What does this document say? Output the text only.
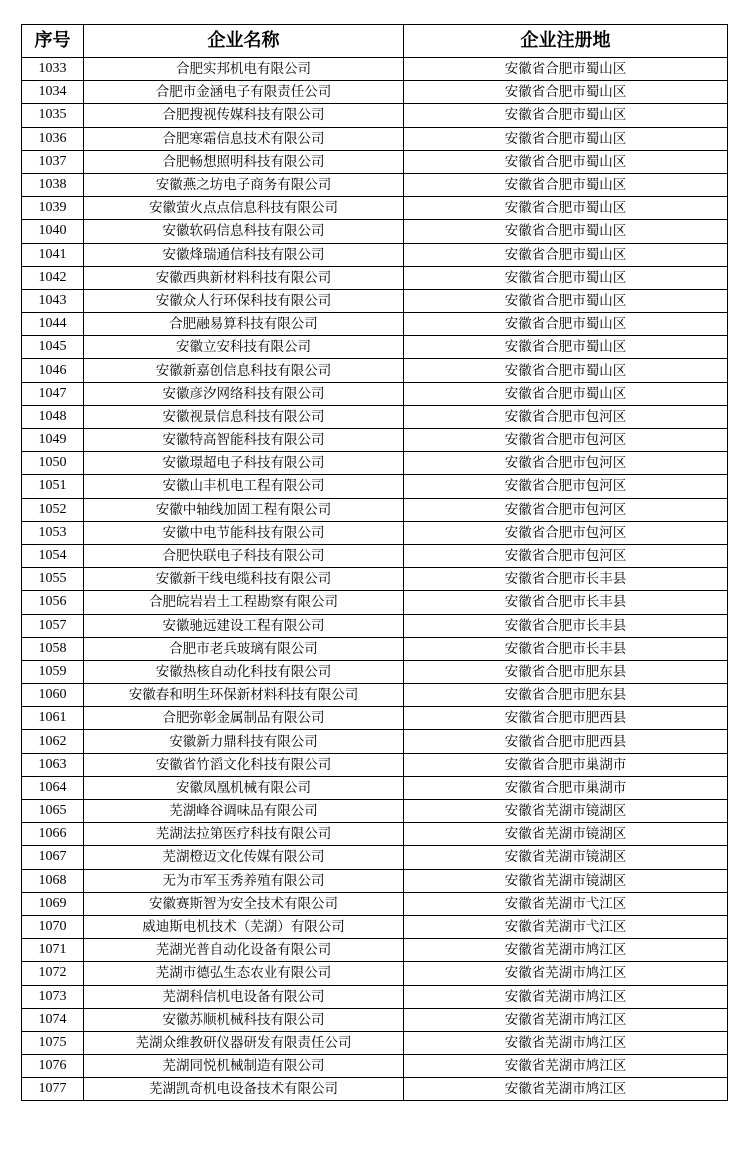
序号	企业名称	企业注册地
1033	合肥实邦机电有限公司	安徽省合肥市蜀山区
1034	合肥市金涵电子有限责任公司	安徽省合肥市蜀山区
1035	合肥搜视传媒科技有限公司	安徽省合肥市蜀山区
1036	合肥寒霜信息技术有限公司	安徽省合肥市蜀山区
1037	合肥畅想照明科技有限公司	安徽省合肥市蜀山区
1038	安徽燕之坊电子商务有限公司	安徽省合肥市蜀山区
1039	安徽萤火点点信息科技有限公司	安徽省合肥市蜀山区
1040	安徽软码信息科技有限公司	安徽省合肥市蜀山区
1041	安徽烽瑞通信科技有限公司	安徽省合肥市蜀山区
1042	安徽西典新材料科技有限公司	安徽省合肥市蜀山区
1043	安徽众人行环保科技有限公司	安徽省合肥市蜀山区
1044	合肥融易算科技有限公司	安徽省合肥市蜀山区
1045	安徽立安科技有限公司	安徽省合肥市蜀山区
1046	安徽新嘉创信息科技有限公司	安徽省合肥市蜀山区
1047	安徽彦汐网络科技有限公司	安徽省合肥市蜀山区
1048	安徽视景信息科技有限公司	安徽省合肥市包河区
1049	安徽特高智能科技有限公司	安徽省合肥市包河区
1050	安徽璟超电子科技有限公司	安徽省合肥市包河区
1051	安徽山丰机电工程有限公司	安徽省合肥市包河区
1052	安徽中轴线加固工程有限公司	安徽省合肥市包河区
1053	安徽中电节能科技有限公司	安徽省合肥市包河区
1054	合肥快联电子科技有限公司	安徽省合肥市包河区
1055	安徽新干线电缆科技有限公司	安徽省合肥市长丰县
1056	合肥皖岩岩土工程勘察有限公司	安徽省合肥市长丰县
1057	安徽驰远建设工程有限公司	安徽省合肥市长丰县
1058	合肥市老兵玻璃有限公司	安徽省合肥市长丰县
1059	安徽热核自动化科技有限公司	安徽省合肥市肥东县
1060	安徽春和明生环保新材料科技有限公司	安徽省合肥市肥东县
1061	合肥弥彰金属制品有限公司	安徽省合肥市肥西县
1062	安徽新力鼎科技有限公司	安徽省合肥市肥西县
1063	安徽省竹滔文化科技有限公司	安徽省合肥市巢湖市
1064	安徽凤凰机械有限公司	安徽省合肥市巢湖市
1065	芜湖峰谷调味品有限公司	安徽省芜湖市镜湖区
1066	芜湖法拉第医疗科技有限公司	安徽省芜湖市镜湖区
1067	芜湖橙迈文化传媒有限公司	安徽省芜湖市镜湖区
1068	无为市军玉秀养殖有限公司	安徽省芜湖市镜湖区
1069	安徽赛斯智为安全技术有限公司	安徽省芜湖市弋江区
1070	威迪斯电机技术（芜湖）有限公司	安徽省芜湖市弋江区
1071	芜湖光普自动化设备有限公司	安徽省芜湖市鸠江区
1072	芜湖市德弘生态农业有限公司	安徽省芜湖市鸠江区
1073	芜湖科信机电设备有限公司	安徽省芜湖市鸠江区
1074	安徽苏顺机械科技有限公司	安徽省芜湖市鸠江区
1075	芜湖众维教研仪器研发有限责任公司	安徽省芜湖市鸠江区
1076	芜湖同悦机械制造有限公司	安徽省芜湖市鸠江区
1077	芜湖凯奇机电设备技术有限公司	安徽省芜湖市鸠江区
